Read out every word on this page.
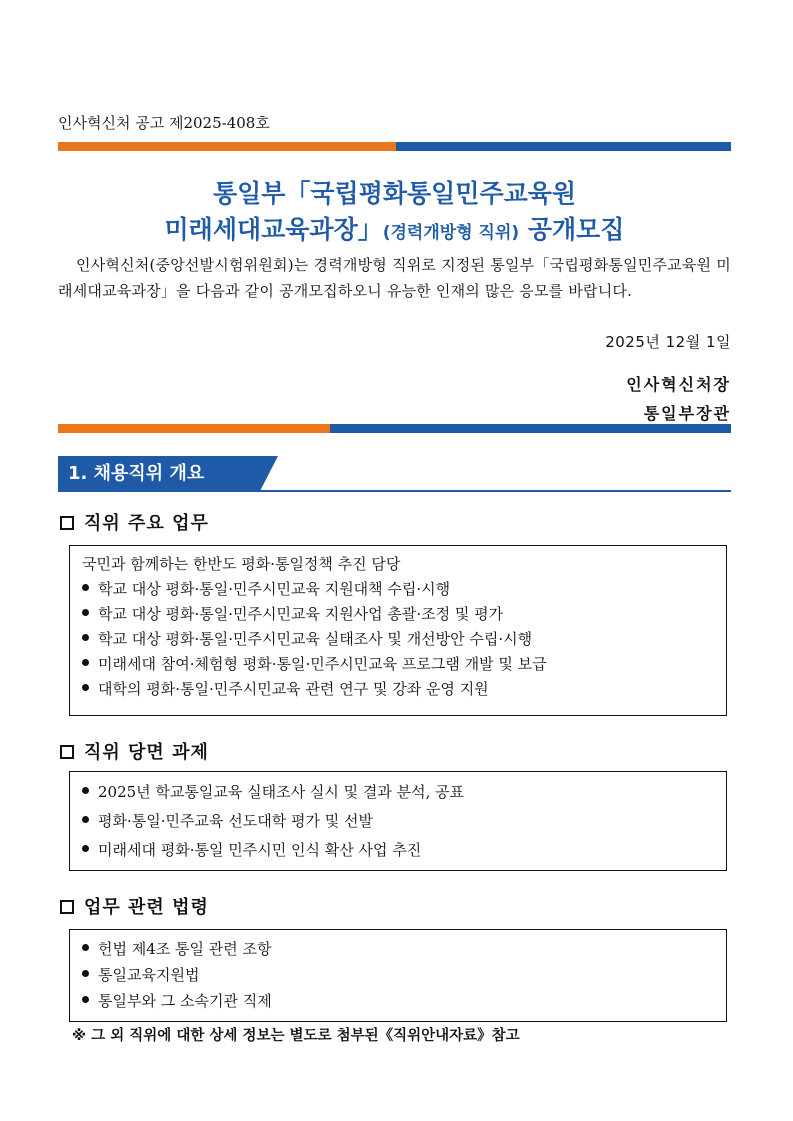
인사혁신처 공고 제2025-408호
통일부「국립평화통일민주교육원
미래세대교육과장」(경력개방형 직위) 공개모집

인사혁신처(중앙선발시험위원회)는 경력개방형 직위로 지정된 통일부「국립평화통일민주교육원 미래세대교육과장」을 다음과 같이 공개모집하오니 유능한 인재의 많은 응모를 바랍니다.

2025년 12월 1일
인사혁신처장
통일부장관
1. 채용직위 개요
직위 주요 업무
국민과 함께하는 한반도 평화·통일정책 추진 담당
학교 대상 평화·통일·민주시민교육 지원대책 수립·시행
학교 대상 평화·통일·민주시민교육 지원사업 총괄·조정 및 평가
학교 대상 평화·통일·민주시민교육 실태조사 및 개선방안 수립·시행
미래세대 참여·체험형 평화·통일·민주시민교육 프로그램 개발 및 보급
대학의 평화·통일·민주시민교육 관련 연구 및 강좌 운영 지원
직위 당면 과제
2025년 학교통일교육 실태조사 실시 및 결과 분석, 공표
평화·통일·민주교육 선도대학 평가 및 선발
미래세대 평화·통일 민주시민 인식 확산 사업 추진
업무 관련 법령
헌법 제4조 통일 관련 조항
통일교육지원법
통일부와 그 소속기관 직제
※ 그 외 직위에 대한 상세 정보는 별도로 첨부된《직위안내자료》참고
